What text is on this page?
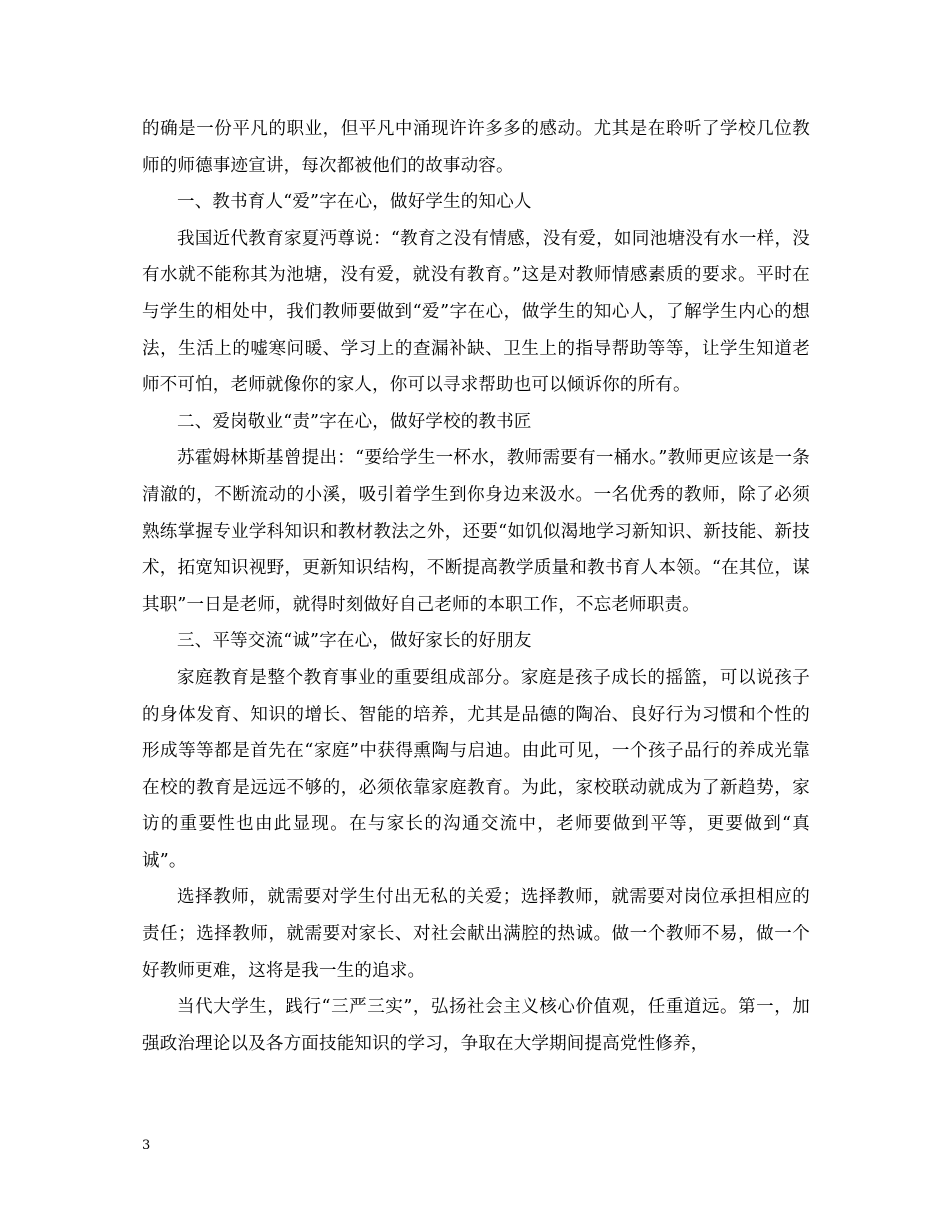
的确是一份平凡的职业，但平凡中涌现许许多多的感动。尤其是在聆听了学校几位教师的师德事迹宣讲，每次都被他们的故事动容。

一、教书育人“爱”字在心，做好学生的知心人

我国近代教育家夏沔尊说：“教育之没有情感，没有爱，如同池塘没有水一样，没有水就不能称其为池塘，没有爱，就没有教育。”这是对教师情感素质的要求。平时在与学生的相处中，我们教师要做到“爱”字在心，做学生的知心人，了解学生内心的想法，生活上的嘘寒问暖、学习上的查漏补缺、卫生上的指导帮助等等，让学生知道老师不可怕，老师就像你的家人，你可以寻求帮助也可以倾诉你的所有。

二、爱岗敬业“责”字在心，做好学校的教书匠

苏霍姆林斯基曾提出：“要给学生一杯水，教师需要有一桶水。”教师更应该是一条清澈的，不断流动的小溪，吸引着学生到你身边来汲水。一名优秀的教师，除了必须熟练掌握专业学科知识和教材教法之外，还要“如饥似渴地学习新知识、新技能、新技术，拓宽知识视野，更新知识结构，不断提高教学质量和教书育人本领。“在其位，谋其职”一日是老师，就得时刻做好自己老师的本职工作，不忘老师职责。

三、平等交流“诚”字在心，做好家长的好朋友

家庭教育是整个教育事业的重要组成部分。家庭是孩子成长的摇篮，可以说孩子的身体发育、知识的增长、智能的培养，尤其是品德的陶冶、良好行为习惯和个性的形成等等都是首先在“家庭”中获得熏陶与启迪。由此可见，一个孩子品行的养成光靠在校的教育是远远不够的，必须依靠家庭教育。为此，家校联动就成为了新趋势，家访的重要性也由此显现。在与家长的沟通交流中，老师要做到平等，更要做到“真诚”。

选择教师，就需要对学生付出无私的关爱；选择教师，就需要对岗位承担相应的责任；选择教师，就需要对家长、对社会献出满腔的热诚。做一个教师不易，做一个好教师更难，这将是我一生的追求。

当代大学生，践行“三严三实”，弘扬社会主义核心价值观，任重道远。第一，加强政治理论以及各方面技能知识的学习，争取在大学期间提高党性修养，

3
